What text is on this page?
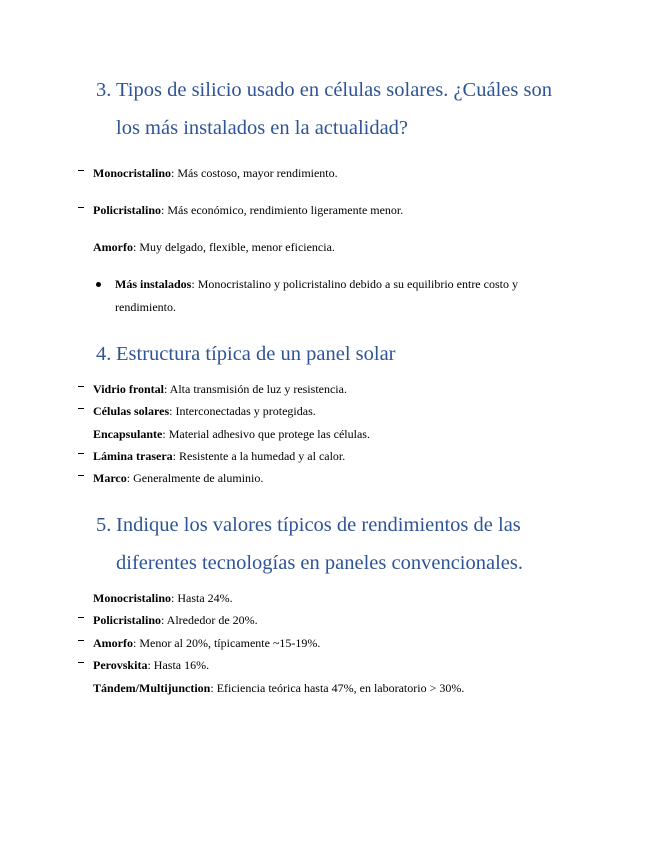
3. Tipos de silicio usado en células solares. ¿Cuáles son
los más instalados en la actualidad?
Monocristalino: Más costoso, mayor rendimiento.
Policristalino: Más económico, rendimiento ligeramente menor.
Amorfo: Muy delgado, flexible, menor eficiencia.
Más instalados: Monocristalino y policristalino debido a su equilibrio entre costo y
rendimiento.
4. Estructura típica de un panel solar
Vidrio frontal: Alta transmisión de luz y resistencia.
Células solares: Interconectadas y protegidas.
Encapsulante: Material adhesivo que protege las células.
Lámina trasera: Resistente a la humedad y al calor.
Marco: Generalmente de aluminio.
5. Indique los valores típicos de rendimientos de las
diferentes tecnologías en paneles convencionales.
Monocristalino: Hasta 24%.
Policristalino: Alrededor de 20%.
Amorfo: Menor al 20%, típicamente ~15-19%.
Perovskita: Hasta 16%.
Tándem/Multijunction: Eficiencia teórica hasta 47%, en laboratorio > 30%.
